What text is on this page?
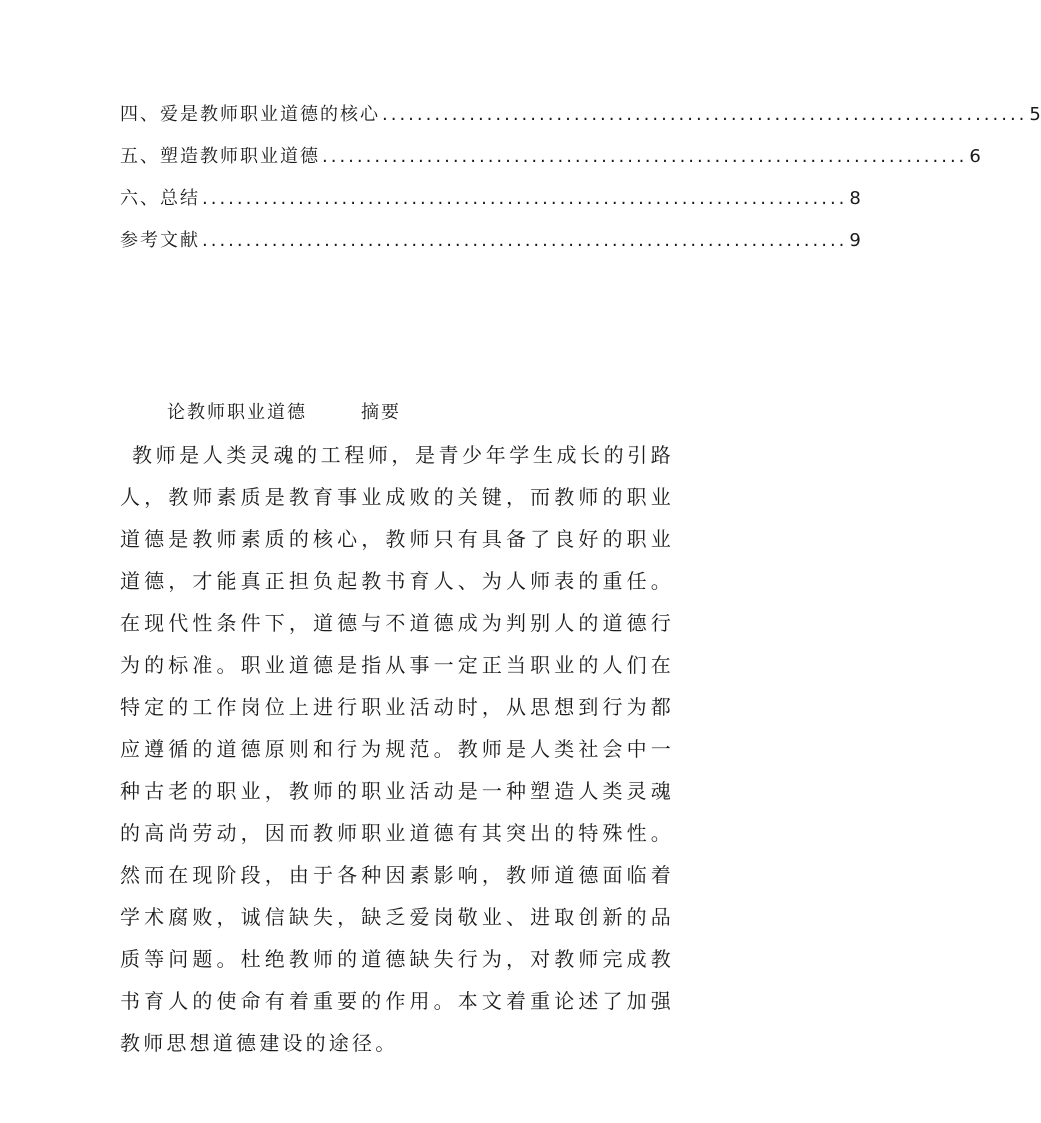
四、爱是教师职业道德的核心 .......................................................................... 5
五、塑造教师职业道德 .......................................................................... 6
六、总结 .......................................................................... 8
参考文献 .......................................................................... 9
论教师职业道德       摘要

教师是人类灵魂的工程师，是青少年学生成长的引路人，教师素质是教育事业成败的关键，而教师的职业道德是教师素质的核心，教师只有具备了良好的职业道德，才能真正担负起教书育人、为人师表的重任。在现代性条件下，道德与不道德成为判别人的道德行为的标准。职业道德是指从事一定正当职业的人们在特定的工作岗位上进行职业活动时，从思想到行为都应遵循的道德原则和行为规范。教师是人类社会中一种古老的职业，教师的职业活动是一种塑造人类灵魂的高尚劳动，因而教师职业道德有其突出的特殊性。然而在现阶段，由于各种因素影响，教师道德面临着学术腐败，诚信缺失，缺乏爱岗敬业、进取创新的品质等问题。杜绝教师的道德缺失行为，对教师完成教书育人的使命有着重要的作用。本文着重论述了加强教师思想道德建设的途径。
